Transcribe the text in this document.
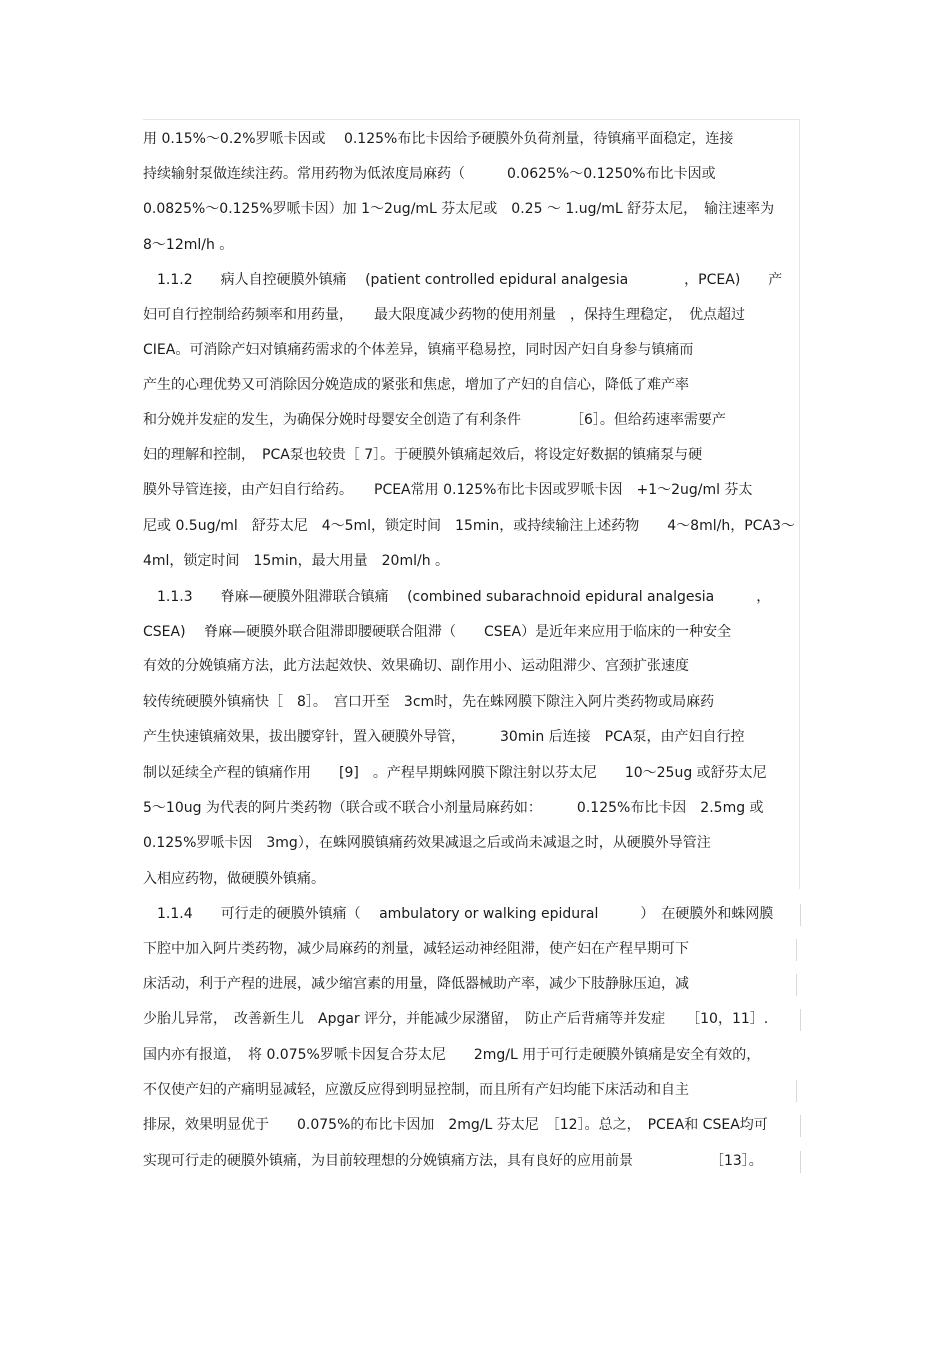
用 0.15%～0.2%罗哌卡因或　 0.125%布比卡因给予硬膜外负荷剂量，待镇痛平面稳定，连接
持续输射泵做连续注药。常用药物为低浓度局麻药（　　　0.0625%～0.1250%布比卡因或
0.0825%～0.125%罗哌卡因）加 1～2ug/mL 芬太尼或　0.25 ～ 1.ug/mL 舒芬太尼，　输注速率为
8～12ml/h 。
　1.1.2　　病人自控硬膜外镇痛　 (patient controlled epidural analgesia　　　　，PCEA)　　产
妇可自行控制给药频率和用药量，　　最大限度减少药物的使用剂量　，保持生理稳定，　优点超过
CIEA。可消除产妇对镇痛药需求的个体差异，镇痛平稳易控，同时因产妇自身参与镇痛而
产生的心理优势又可消除因分娩造成的紧张和焦虑，增加了产妇的自信心，降低了难产率
和分娩并发症的发生，为确保分娩时母婴安全创造了有利条件　　　　［6］。但给药速率需要产
妇的理解和控制，　PCA泵也较贵［ 7］。于硬膜外镇痛起效后，将设定好数据的镇痛泵与硬
膜外导管连接，由产妇自行给药。　　PCEA常用 0.125%布比卡因或罗哌卡因　+1～2ug/ml 芬太
尼或 0.5ug/ml　舒芬太尼　4～5ml，锁定时间　15min，或持续输注上述药物　　4～8ml/h，PCA3～
4ml，锁定时间　15min，最大用量　20ml/h 。
　1.1.3　　脊麻—硬膜外阻滞联合镇痛　 (combined subarachnoid epidural analgesia　　　，
CSEA)　 脊麻—硬膜外联合阻滞即腰硬联合阻滞（　　CSEA）是近年来应用于临床的一种安全
有效的分娩镇痛方法，此方法起效快、效果确切、副作用小、运动阻滞少、宫颈扩张速度
较传统硬膜外镇痛快［　8］。　宫口开至　3cm时，先在蛛网膜下隙注入阿片类药物或局麻药
产生快速镇痛效果，拔出腰穿针，置入硬膜外导管，　　　30min 后连接　PCA泵，由产妇自行控
制以延续全产程的镇痛作用　　[9]　。产程早期蛛网膜下隙注射以芬太尼　　10～25ug 或舒芬太尼
5～10ug 为代表的阿片类药物（联合或不联合小剂量局麻药如：　　　0.125%布比卡因　2.5mg 或
0.125%罗哌卡因　3mg），在蛛网膜镇痛药效果减退之后或尚未减退之时，从硬膜外导管注
入相应药物，做硬膜外镇痛。
　1.1.4　　可行走的硬膜外镇痛（　 ambulatory or walking epidural　　　）　在硬膜外和蛛网膜
下腔中加入阿片类药物，减少局麻药的剂量，减轻运动神经阻滞，使产妇在产程早期可下
床活动，利于产程的进展，减少缩宫素的用量，降低器械助产率，减少下肢静脉压迫，减
少胎儿异常，　改善新生儿　Apgar 评分，并能减少尿潴留，　防止产后背痛等并发症　　［10，11］.
国内亦有报道，　将 0.075%罗哌卡因复合芬太尼　　2mg/L 用于可行走硬膜外镇痛是安全有效的，
不仅使产妇的产痛明显减轻，应激反应得到明显控制，而且所有产妇均能下床活动和自主
排尿，效果明显优于　　0.075%的布比卡因加　2mg/L 芬太尼　［12］。总之，　PCEA和 CSEA均可
实现可行走的硬膜外镇痛，为目前较理想的分娩镇痛方法，具有良好的应用前景　　　　　　［13］。
